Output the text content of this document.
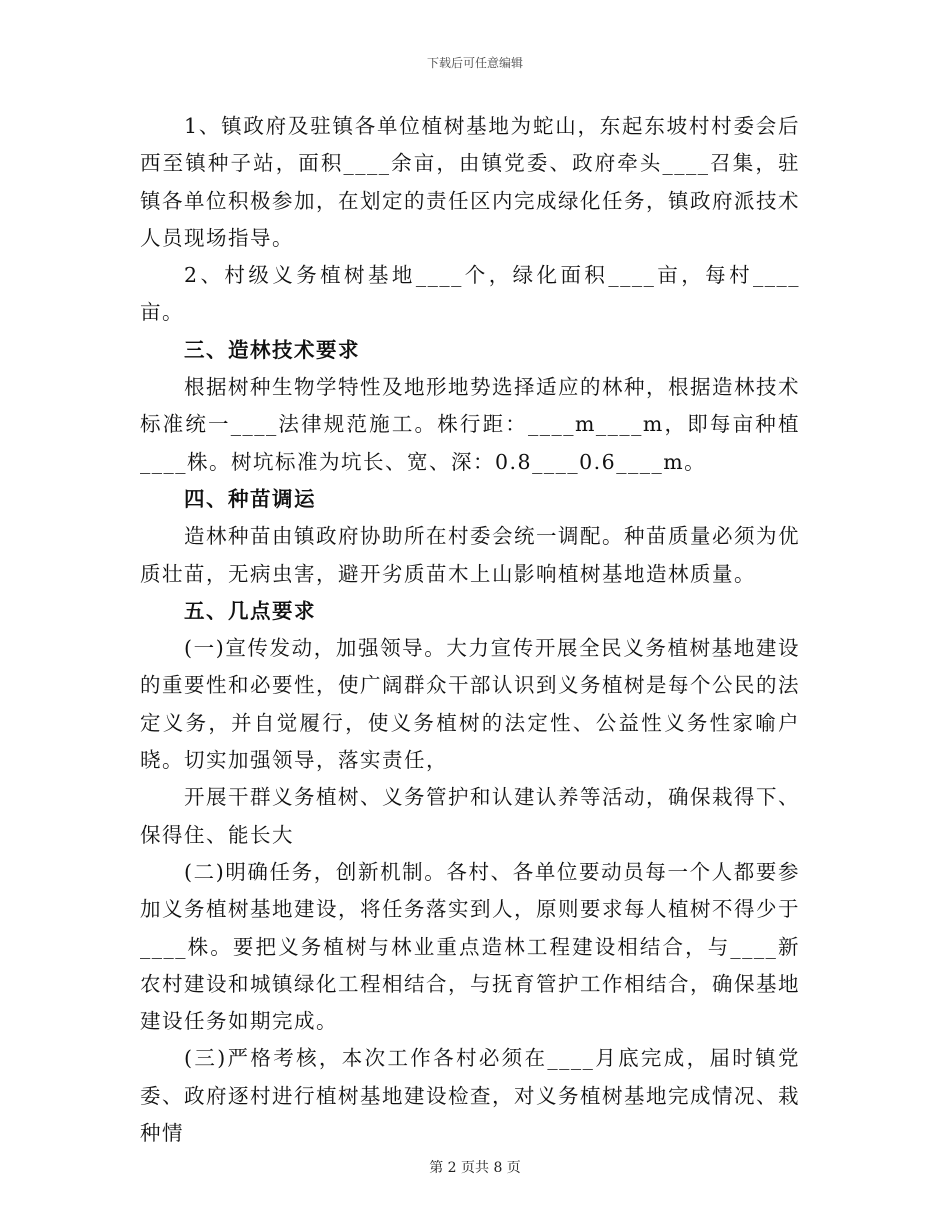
下载后可任意编辑

1、镇政府及驻镇各单位植树基地为蛇山，东起东坡村村委会后西至镇种子站，面积____余亩，由镇党委、政府牵头____召集，驻镇各单位积极参加，在划定的责任区内完成绿化任务，镇政府派技术人员现场指导。

2、村级义务植树基地____个，绿化面积____亩，每村____亩。

三、造林技术要求

根据树种生物学特性及地形地势选择适应的林种，根据造林技术标准统一____法律规范施工。株行距：____m____m，即每亩种植____株。树坑标准为坑长、宽、深：0.8____0.6____m。

四、种苗调运

造林种苗由镇政府协助所在村委会统一调配。种苗质量必须为优质壮苗，无病虫害，避开劣质苗木上山影响植树基地造林质量。

五、几点要求

(一)宣传发动，加强领导。大力宣传开展全民义务植树基地建设的重要性和必要性，使广阔群众干部认识到义务植树是每个公民的法定义务，并自觉履行，使义务植树的法定性、公益性义务性家喻户晓。切实加强领导，落实责任，

开展干群义务植树、义务管护和认建认养等活动，确保栽得下、保得住、能长大

(二)明确任务，创新机制。各村、各单位要动员每一个人都要参加义务植树基地建设，将任务落实到人，原则要求每人植树不得少于____株。要把义务植树与林业重点造林工程建设相结合，与____新农村建设和城镇绿化工程相结合，与抚育管护工作相结合，确保基地建设任务如期完成。

(三)严格考核，本次工作各村必须在____月底完成，届时镇党委、政府逐村进行植树基地建设检查，对义务植树基地完成情况、栽种情

第 2 页共 8 页
